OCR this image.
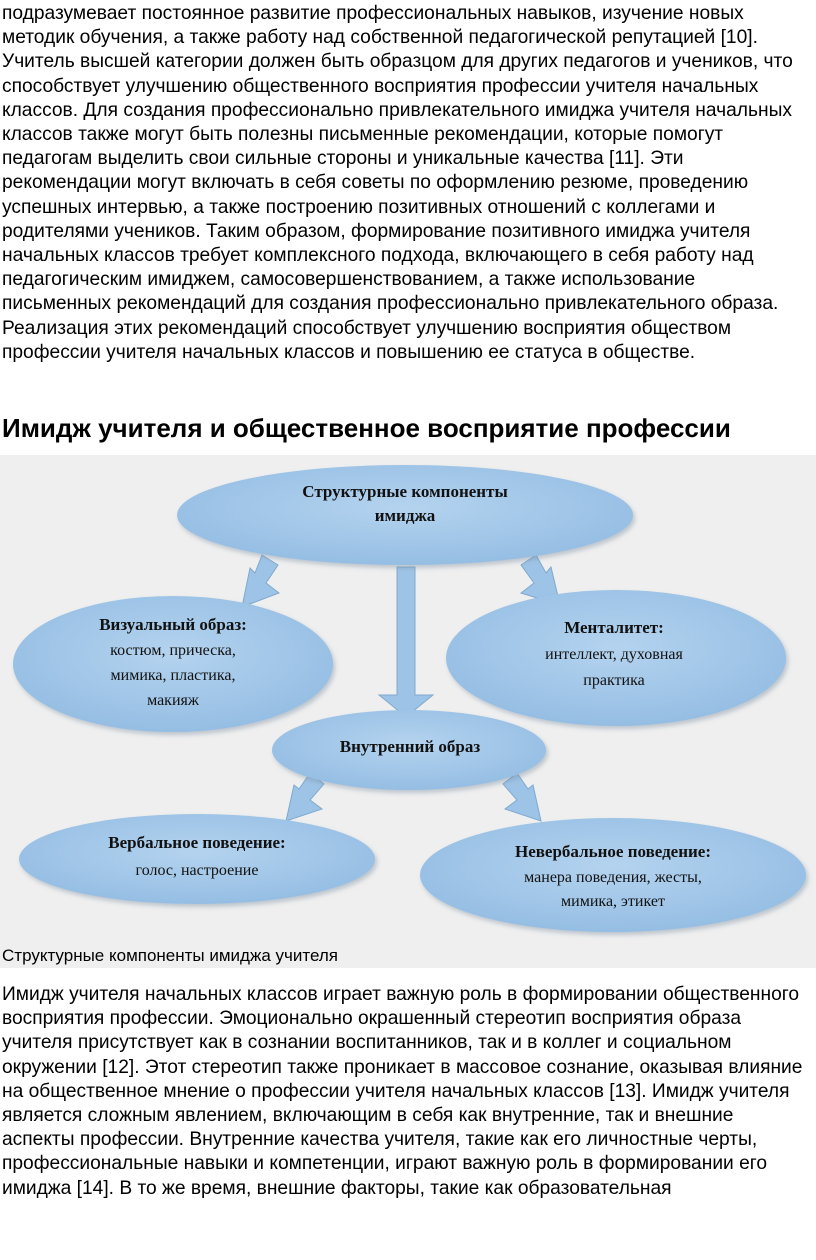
подразумевает постоянное развитие профессиональных навыков, изучение новых методик обучения, а также работу над собственной педагогической репутацией [10]. Учитель высшей категории должен быть образцом для других педагогов и учеников, что способствует улучшению общественного восприятия профессии учителя начальных классов. Для создания профессионально привлекательного имиджа учителя начальных классов также могут быть полезны письменные рекомендации, которые помогут педагогам выделить свои сильные стороны и уникальные качества [11]. Эти рекомендации могут включать в себя советы по оформлению резюме, проведению успешных интервью, а также построению позитивных отношений с коллегами и родителями учеников. Таким образом, формирование позитивного имиджа учителя начальных классов требует комплексного подхода, включающего в себя работу над педагогическим имиджем, самосовершенствованием, а также использование письменных рекомендаций для создания профессионально привлекательного образа. Реализация этих рекомендаций способствует улучшению восприятия обществом профессии учителя начальных классов и повышению ее статуса в обществе.

Имидж учителя и общественное восприятие профессии
Структурные компоненты
имиджа
Визуальный образ:
костюм, прическа,
мимика, пластика,
макияж
Менталитет:
интеллект, духовная
практика
Внутренний образ
Вербальное поведение:
голос, настроение
Невербальное поведение:
манера поведения, жесты,
мимика, этикет

Структурные компоненты имиджа учителя

Имидж учителя начальных классов играет важную роль в формировании общественного восприятия профессии. Эмоционально окрашенный стереотип восприятия образа учителя присутствует как в сознании воспитанников, так и в коллег и социальном окружении [12]. Этот стереотип также проникает в массовое сознание, оказывая влияние на общественное мнение о профессии учителя начальных классов [13]. Имидж учителя является сложным явлением, включающим в себя как внутренние, так и внешние аспекты профессии. Внутренние качества учителя, такие как его личностные черты, профессиональные навыки и компетенции, играют важную роль в формировании его имиджа [14]. В то же время, внешние факторы, такие как образовательная
